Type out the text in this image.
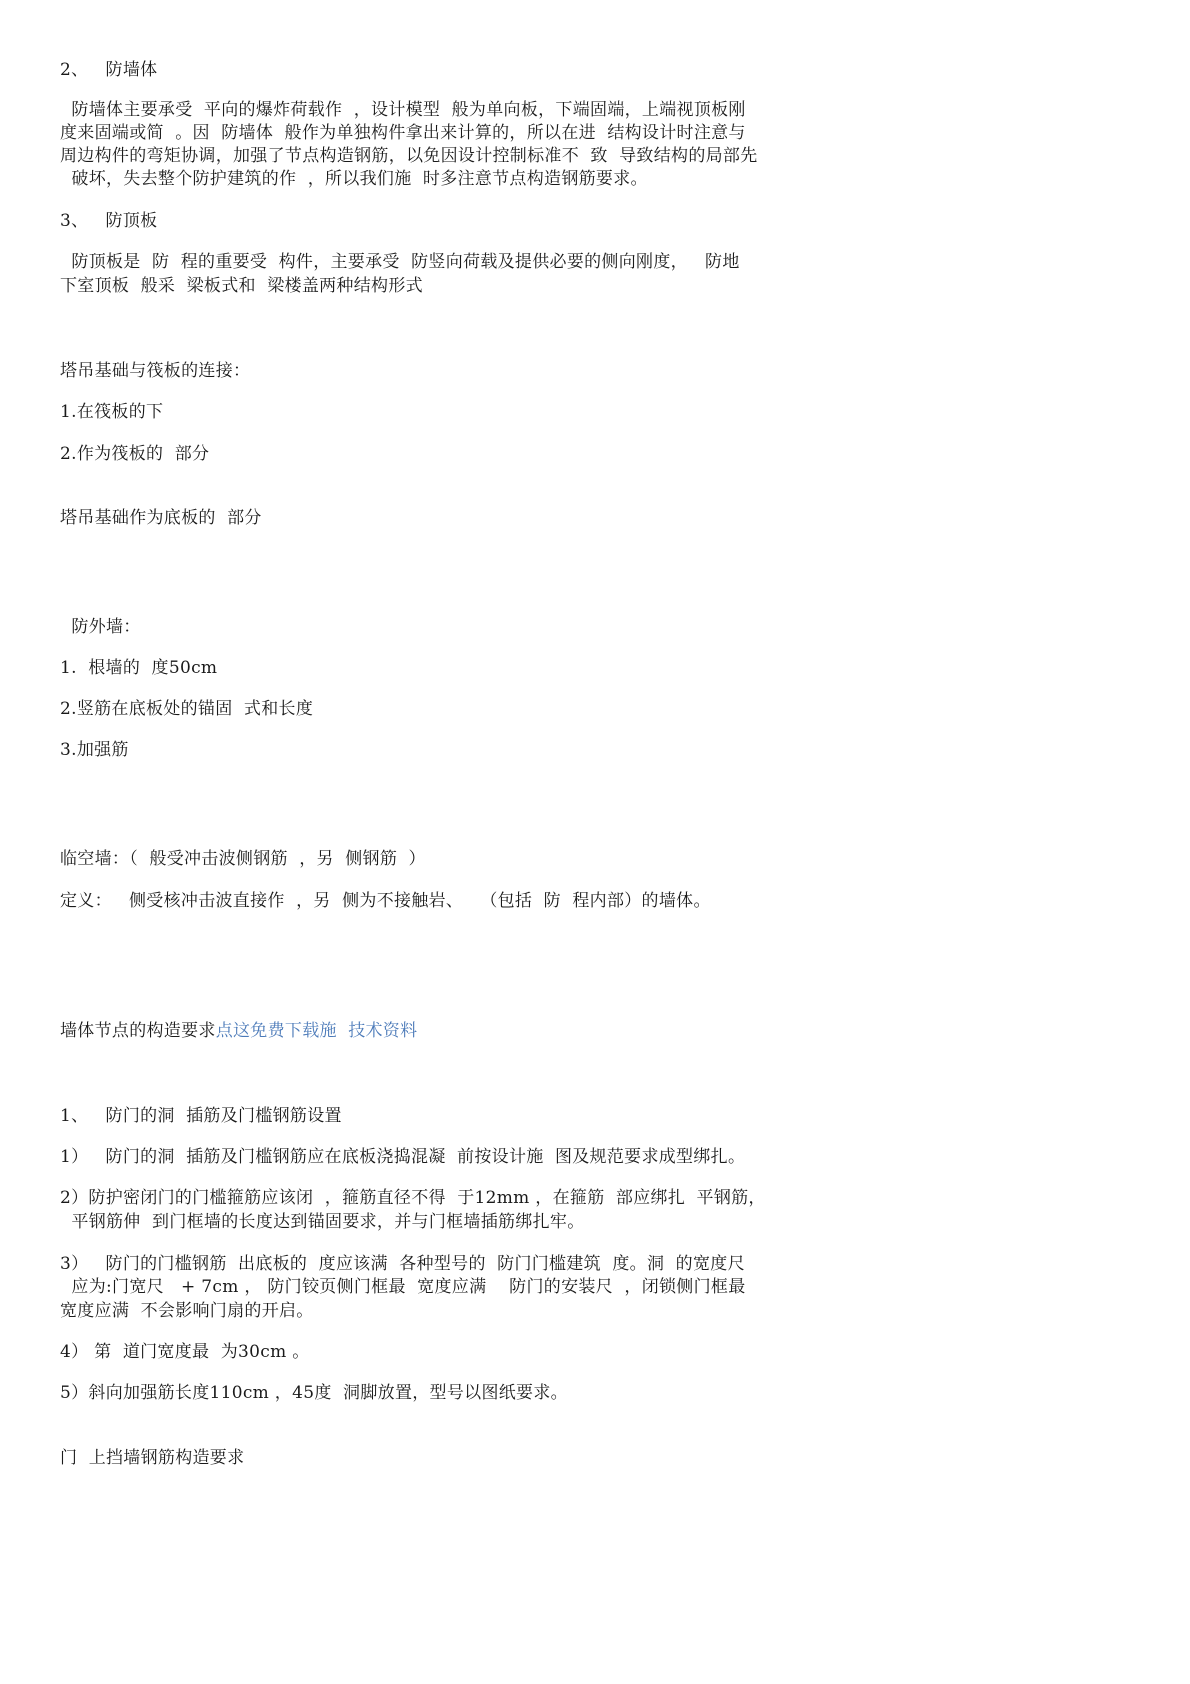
2、   防墙体
防墙体主要承受  平向的爆炸荷载作  ，设计模型  般为单向板，下端固端，上端视顶板刚
度来固端或简  。因  防墙体  般作为单独构件拿出来计算的，所以在进  结构设计时注意与
周边构件的弯矩协调，加强了节点构造钢筋，以免因设计控制标准不  致  导致结构的局部先
破坏，失去整个防护建筑的作  ，所以我们施  时多注意节点构造钢筋要求。
3、   防顶板
防顶板是  防  程的重要受  构件，主要承受  防竖向荷载及提供必要的侧向刚度，   防地
下室顶板  般采  梁板式和  梁楼盖两种结构形式
塔吊基础与筏板的连接：
1.在筏板的下
2.作为筏板的  部分
塔吊基础作为底板的  部分
防外墙：
1.  根墙的  度50cm
2.竖筋在底板处的锚固  式和长度
3.加强筋
临空墙：（  般受冲击波侧钢筋  ，另  侧钢筋  ）
定义：   侧受核冲击波直接作  ，另  侧为不接触岩、   （包括  防  程内部）的墙体。
墙体节点的构造要求点这免费下载施  技术资料
1、   防门的洞  插筋及门槛钢筋设置
1）   防门的洞  插筋及门槛钢筋应在底板浇捣混凝  前按设计施  图及规范要求成型绑扎。
2）防护密闭门的门槛箍筋应该闭  ，箍筋直径不得  于12mm ，在箍筋  部应绑扎  平钢筋，
平钢筋伸  到门框墙的长度达到锚固要求，并与门框墙插筋绑扎牢。
3）   防门的门槛钢筋  出底板的  度应该满  各种型号的  防门门槛建筑  度。洞  的宽度尺
应为:门宽尺   + 7cm ， 防门铰页侧门框最  宽度应满    防门的安装尺  ，闭锁侧门框最
宽度应满  不会影响门扇的开启。
4） 第  道门宽度最  为30cm 。
5）斜向加强筋长度110cm ，45度  洞脚放置，型号以图纸要求。
门  上挡墙钢筋构造要求
